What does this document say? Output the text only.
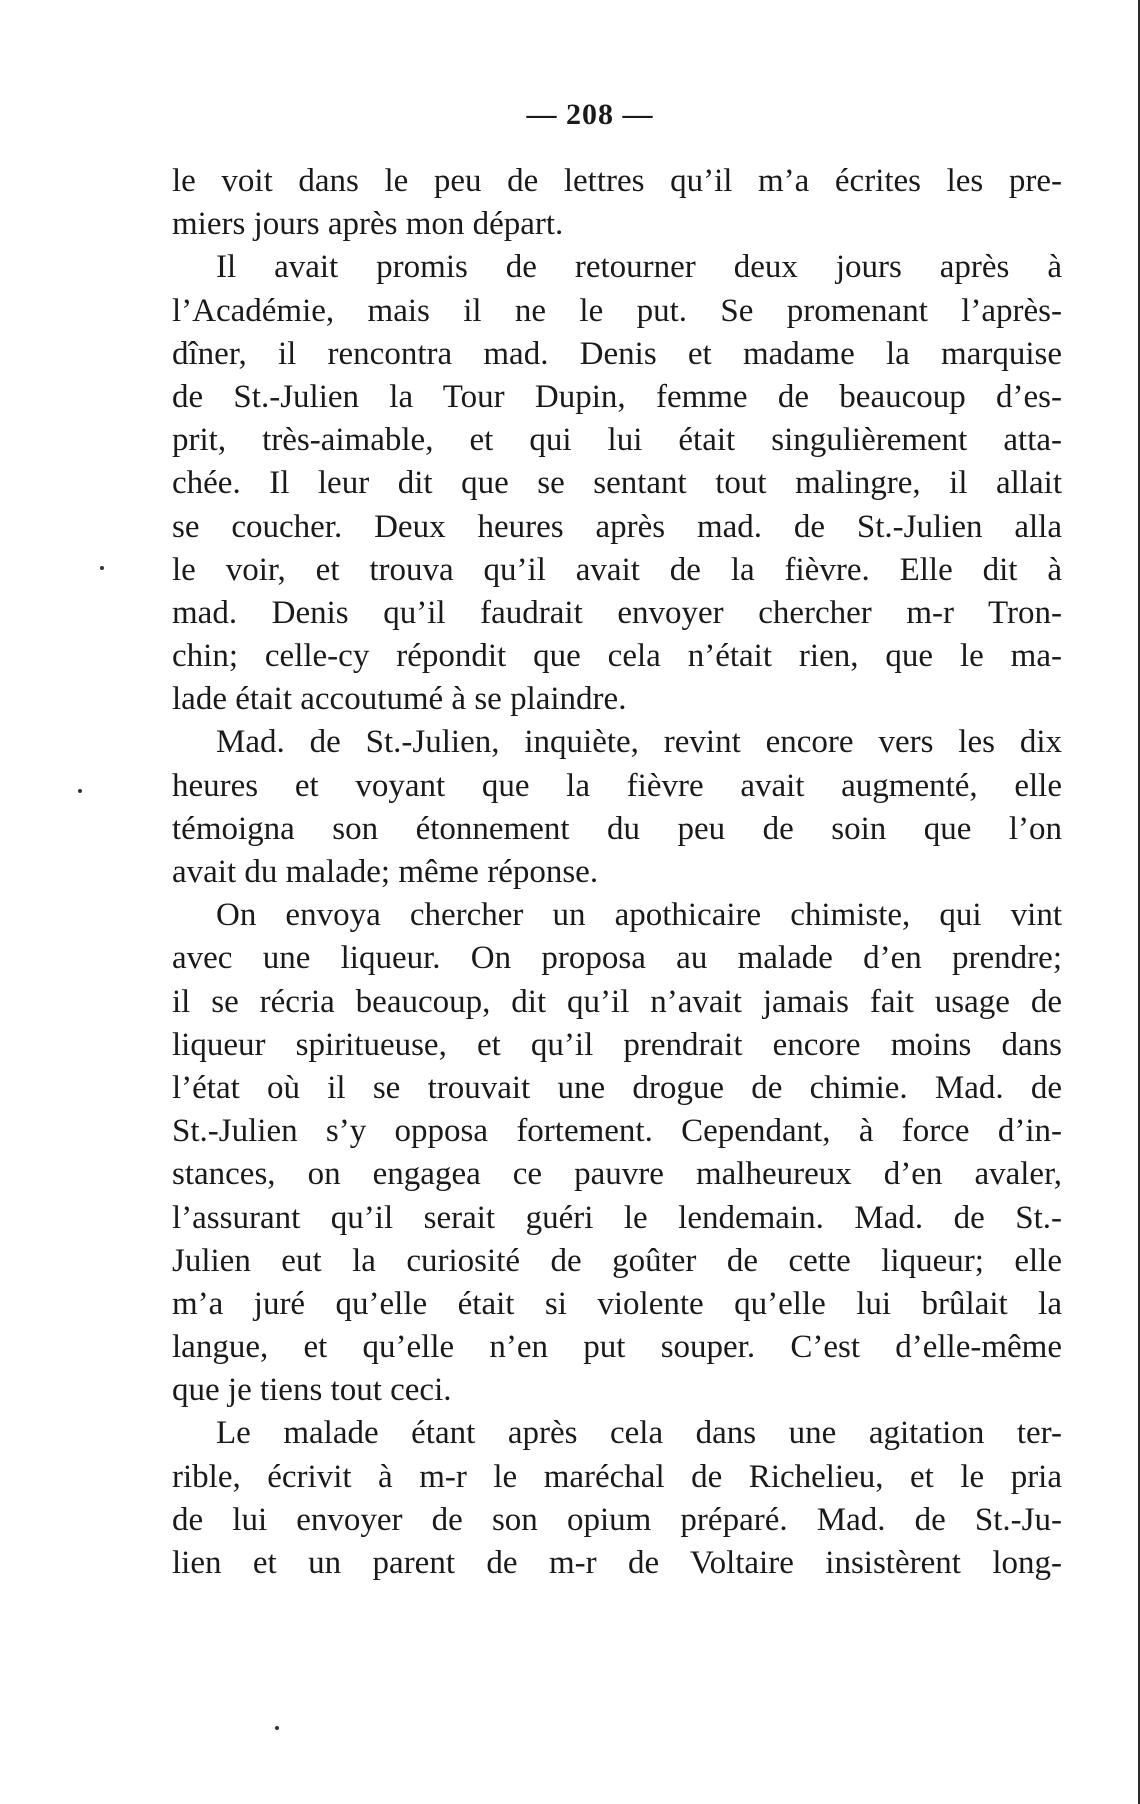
— 208 —
le voit dans le peu de lettres qu’il m’a écrites les pre-
miers jours après mon départ.
Il avait promis de retourner deux jours après à
l’Académie, mais il ne le put. Se promenant l’après-
dîner, il rencontra mad. Denis et madame la marquise
de St.-Julien la Tour Dupin, femme de beaucoup d’es-
prit, très-aimable, et qui lui était singulièrement atta-
chée. Il leur dit que se sentant tout malingre, il allait
se coucher. Deux heures après mad. de St.-Julien alla
le voir, et trouva qu’il avait de la fièvre. Elle dit à
mad. Denis qu’il faudrait envoyer chercher m-r Tron-
chin; celle-cy répondit que cela n’était rien, que le ma-
lade était accoutumé à se plaindre.
Mad. de St.-Julien, inquiète, revint encore vers les dix
heures et voyant que la fièvre avait augmenté, elle
témoigna son étonnement du peu de soin que l’on
avait du malade; même réponse.
On envoya chercher un apothicaire chimiste, qui vint
avec une liqueur. On proposa au malade d’en prendre;
il se récria beaucoup, dit qu’il n’avait jamais fait usage de
liqueur spiritueuse, et qu’il prendrait encore moins dans
l’état où il se trouvait une drogue de chimie. Mad. de
St.-Julien s’y opposa fortement. Cependant, à force d’in-
stances, on engagea ce pauvre malheureux d’en avaler,
l’assurant qu’il serait guéri le lendemain. Mad. de St.-
Julien eut la curiosité de goûter de cette liqueur; elle
m’a juré qu’elle était si violente qu’elle lui brûlait la
langue, et qu’elle n’en put souper. C’est d’elle-même
que je tiens tout ceci.
Le malade étant après cela dans une agitation ter-
rible, écrivit à m-r le maréchal de Richelieu, et le pria
de lui envoyer de son opium préparé. Mad. de St.-Ju-
lien et un parent de m-r de Voltaire insistèrent long-
